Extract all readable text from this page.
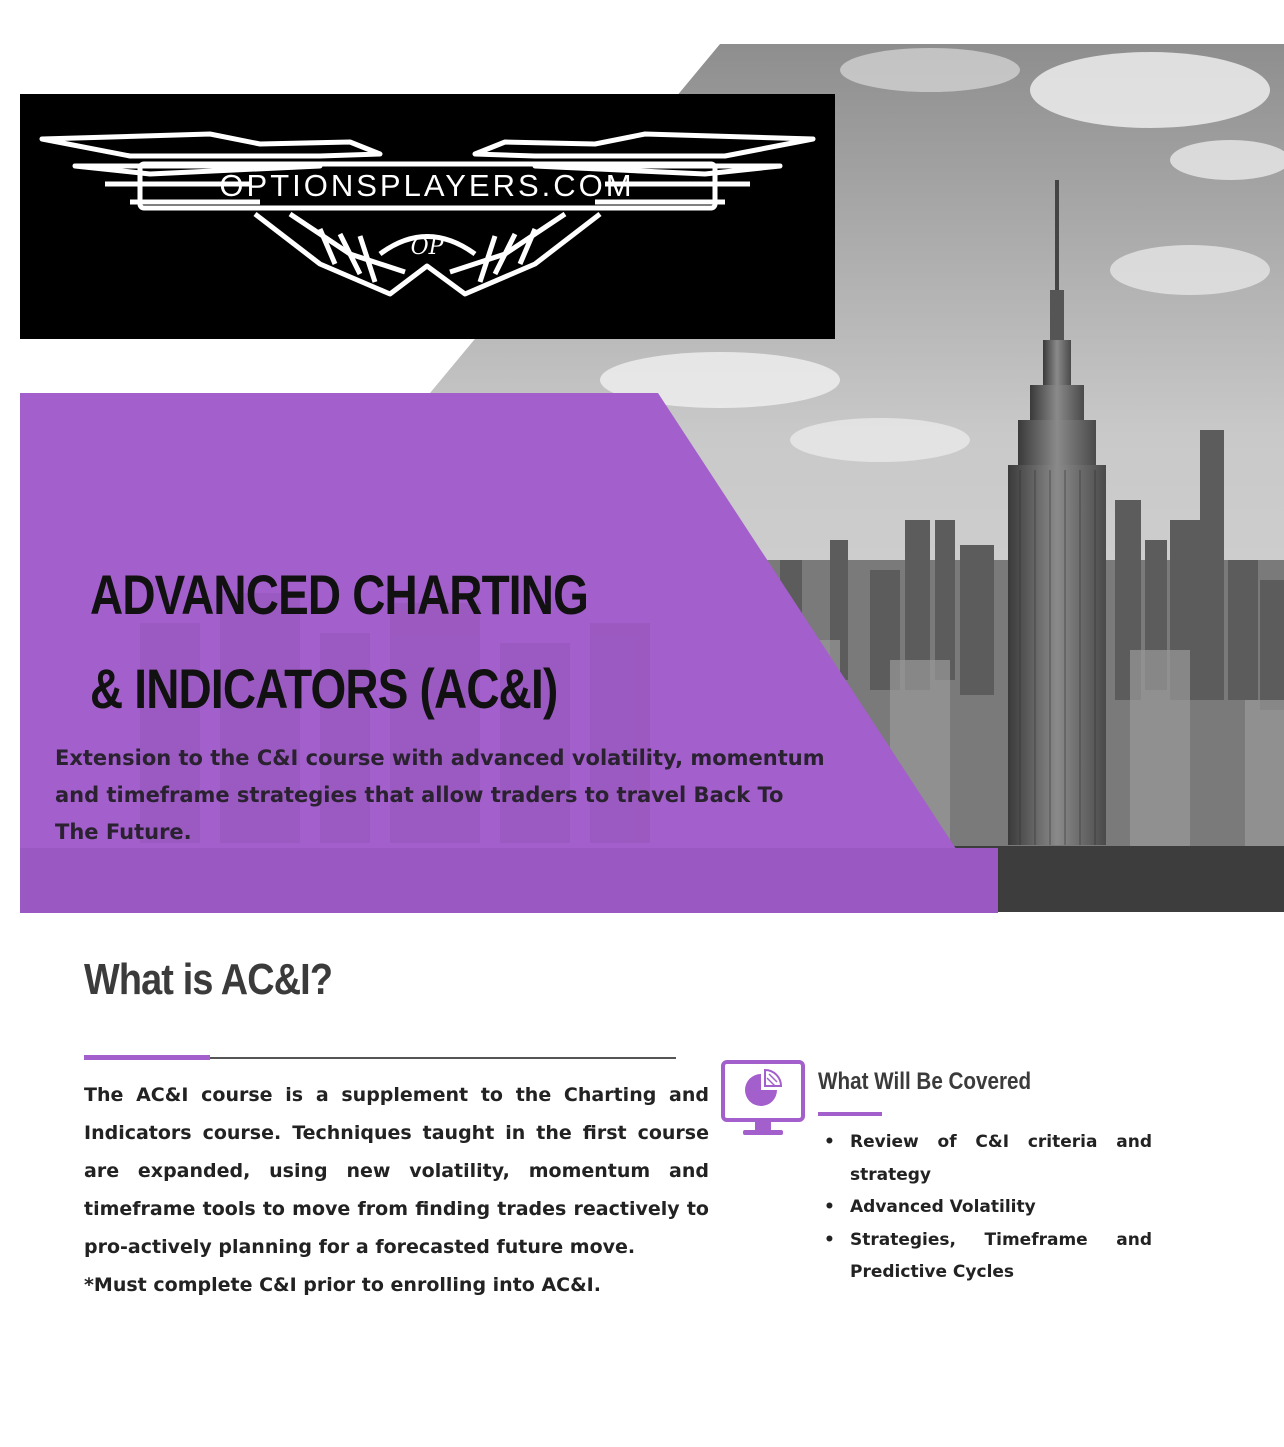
OPTIONSPLAYERS.COM
OP
ADVANCED CHARTING
& INDICATORS (AC&I)

Extension to the C&I course with advanced volatility, momentum and timeframe strategies that allow traders to travel Back To The Future.

What is AC&I?

The AC&I course is a supplement to the Charting and Indicators course. Techniques taught in the first course are expanded, using new volatility, momentum and timeframe tools to move from finding trades reactively to pro-actively planning for a forecasted future move.

*Must complete C&I prior to enrolling into AC&I.

What Will Be Covered
• Review of C&I criteria and strategy
• Advanced Volatility
• Strategies, Timeframe and Predictive Cycles
